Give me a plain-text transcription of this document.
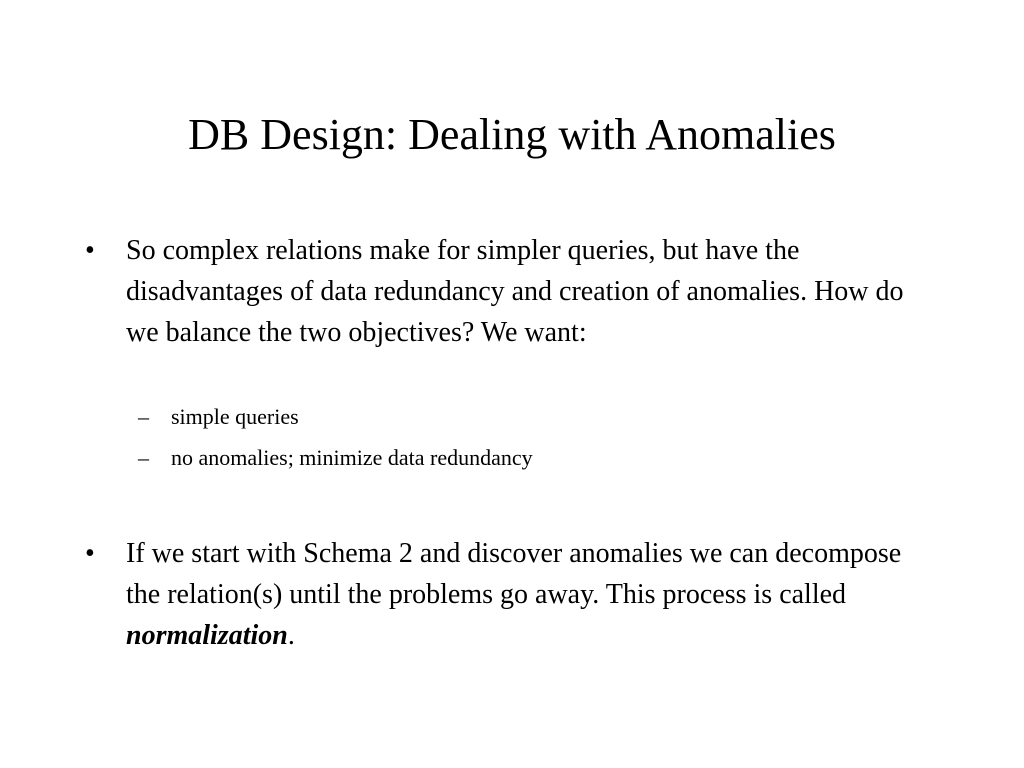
DB Design: Dealing with Anomalies
•	So complex relations make for simpler queries, but have the disadvantages of data redundancy and creation of anomalies. How do we balance the two objectives? We want:
– simple queries
– no anomalies; minimize data redundancy
•	If we start with Schema 2 and discover anomalies we can decompose the relation(s) until the problems go away. This process is called normalization.
